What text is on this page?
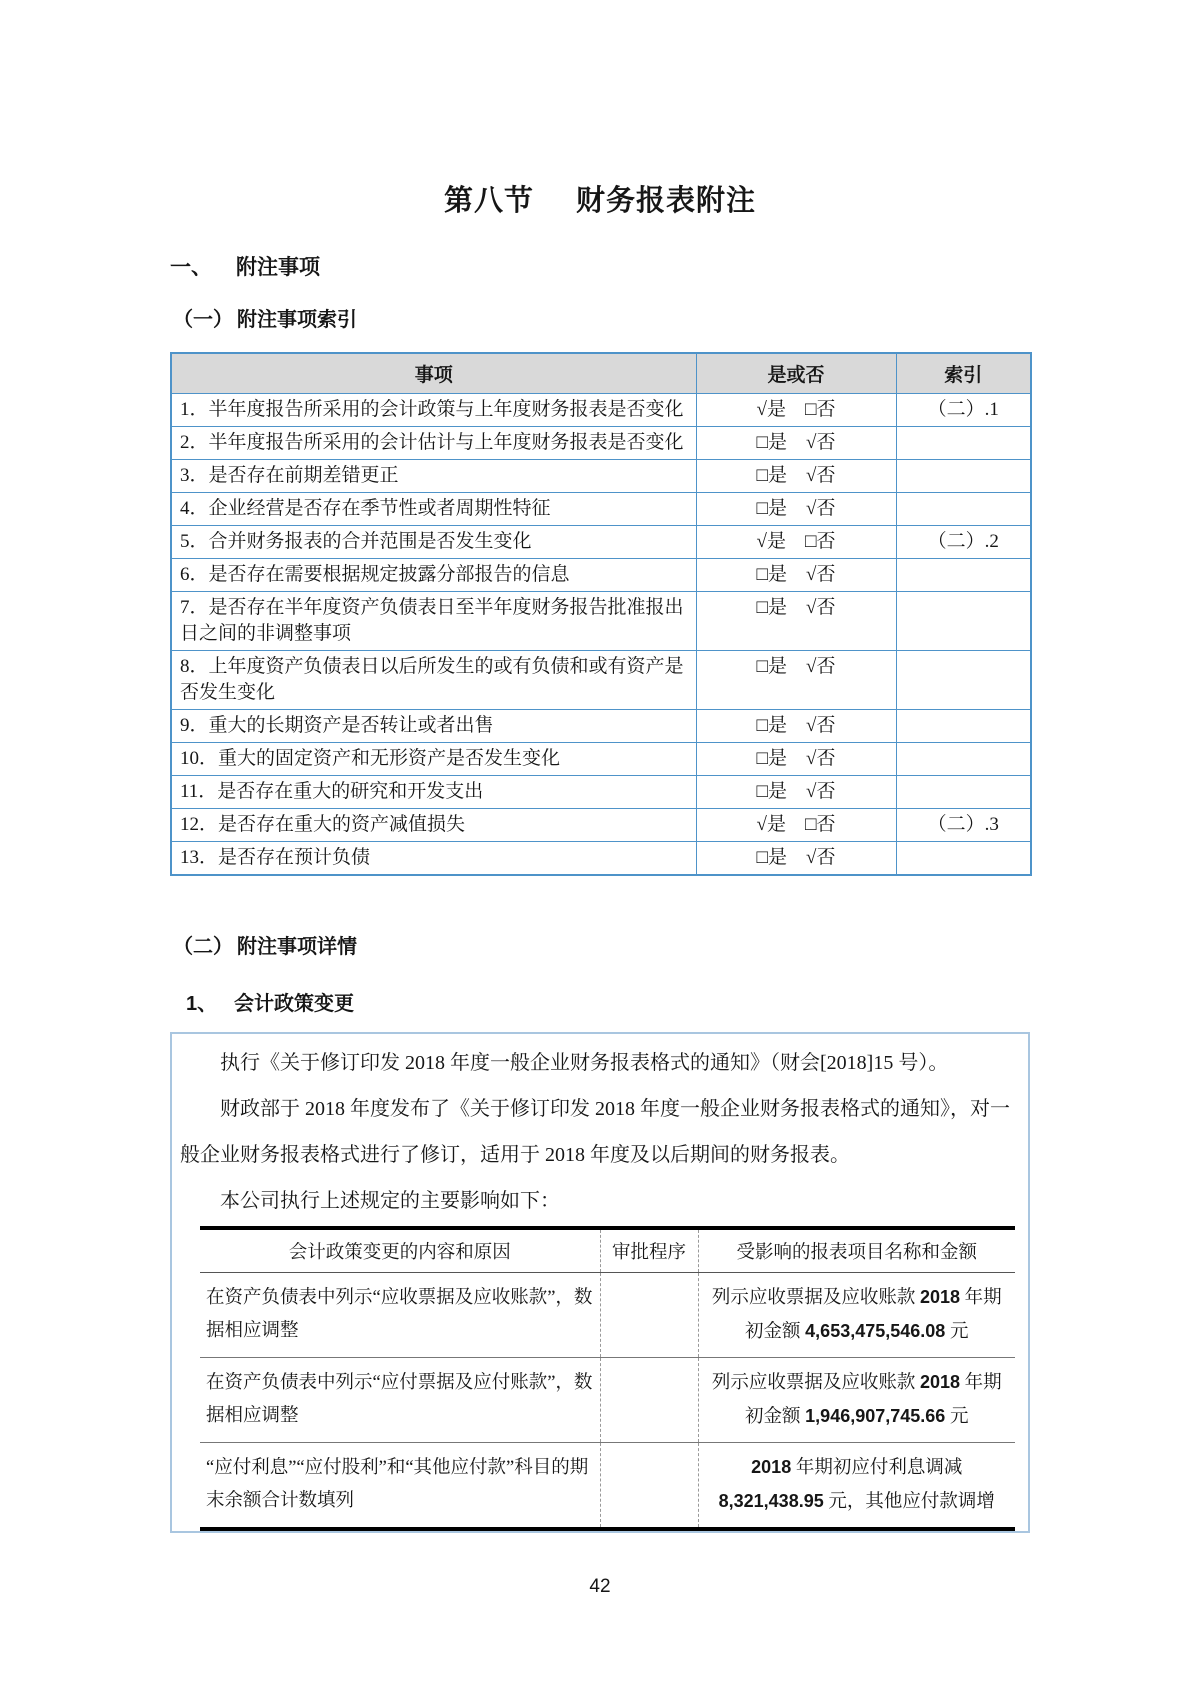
第八节 财务报表附注
一、 附注事项
（一） 附注事项索引
事项	是或否	索引
1．半年度报告所采用的会计政策与上年度财务报表是否变化	√是　□否	（二）.1
2．半年度报告所采用的会计估计与上年度财务报表是否变化	□是　√否	
3．是否存在前期差错更正	□是　√否	
4．企业经营是否存在季节性或者周期性特征	□是　√否	
5．合并财务报表的合并范围是否发生变化	√是　□否	（二）.2
6．是否存在需要根据规定披露分部报告的信息	□是　√否	
7．是否存在半年度资产负债表日至半年度财务报告批准报出日之间的非调整事项	□是　√否	
8．上年度资产负债表日以后所发生的或有负债和或有资产是否发生变化	□是　√否	
9．重大的长期资产是否转让或者出售	□是　√否	
10．重大的固定资产和无形资产是否发生变化	□是　√否	
11．是否存在重大的研究和开发支出	□是　√否	
12．是否存在重大的资产减值损失	√是　□否	（二）.3
13．是否存在预计负债	□是　√否	
（二） 附注事项详情
1、 会计政策变更

执行《关于修订印发 2018 年度一般企业财务报表格式的通知》（财会[2018]15 号）。

财政部于 2018 年度发布了《关于修订印发 2018 年度一般企业财务报表格式的通知》，对一般企业财务报表格式进行了修订，适用于 2018 年度及以后期间的财务报表。

本公司执行上述规定的主要影响如下：

会计政策变更的内容和原因	审批程序	受影响的报表项目名称和金额
在资产负债表中列示“应收票据及应收账款”，数据相应调整		列示应收票据及应收账款 2018 年期初金额 4,653,475,546.08 元
在资产负债表中列示“应付票据及应付账款”，数据相应调整		列示应收票据及应收账款 2018 年期初金额 1,946,907,745.66 元
“应付利息”“应付股利”和“其他应付款”科目的期末余额合计数填列		2018 年期初应付利息调减 8,321,438.95 元，其他应付款调增
42
